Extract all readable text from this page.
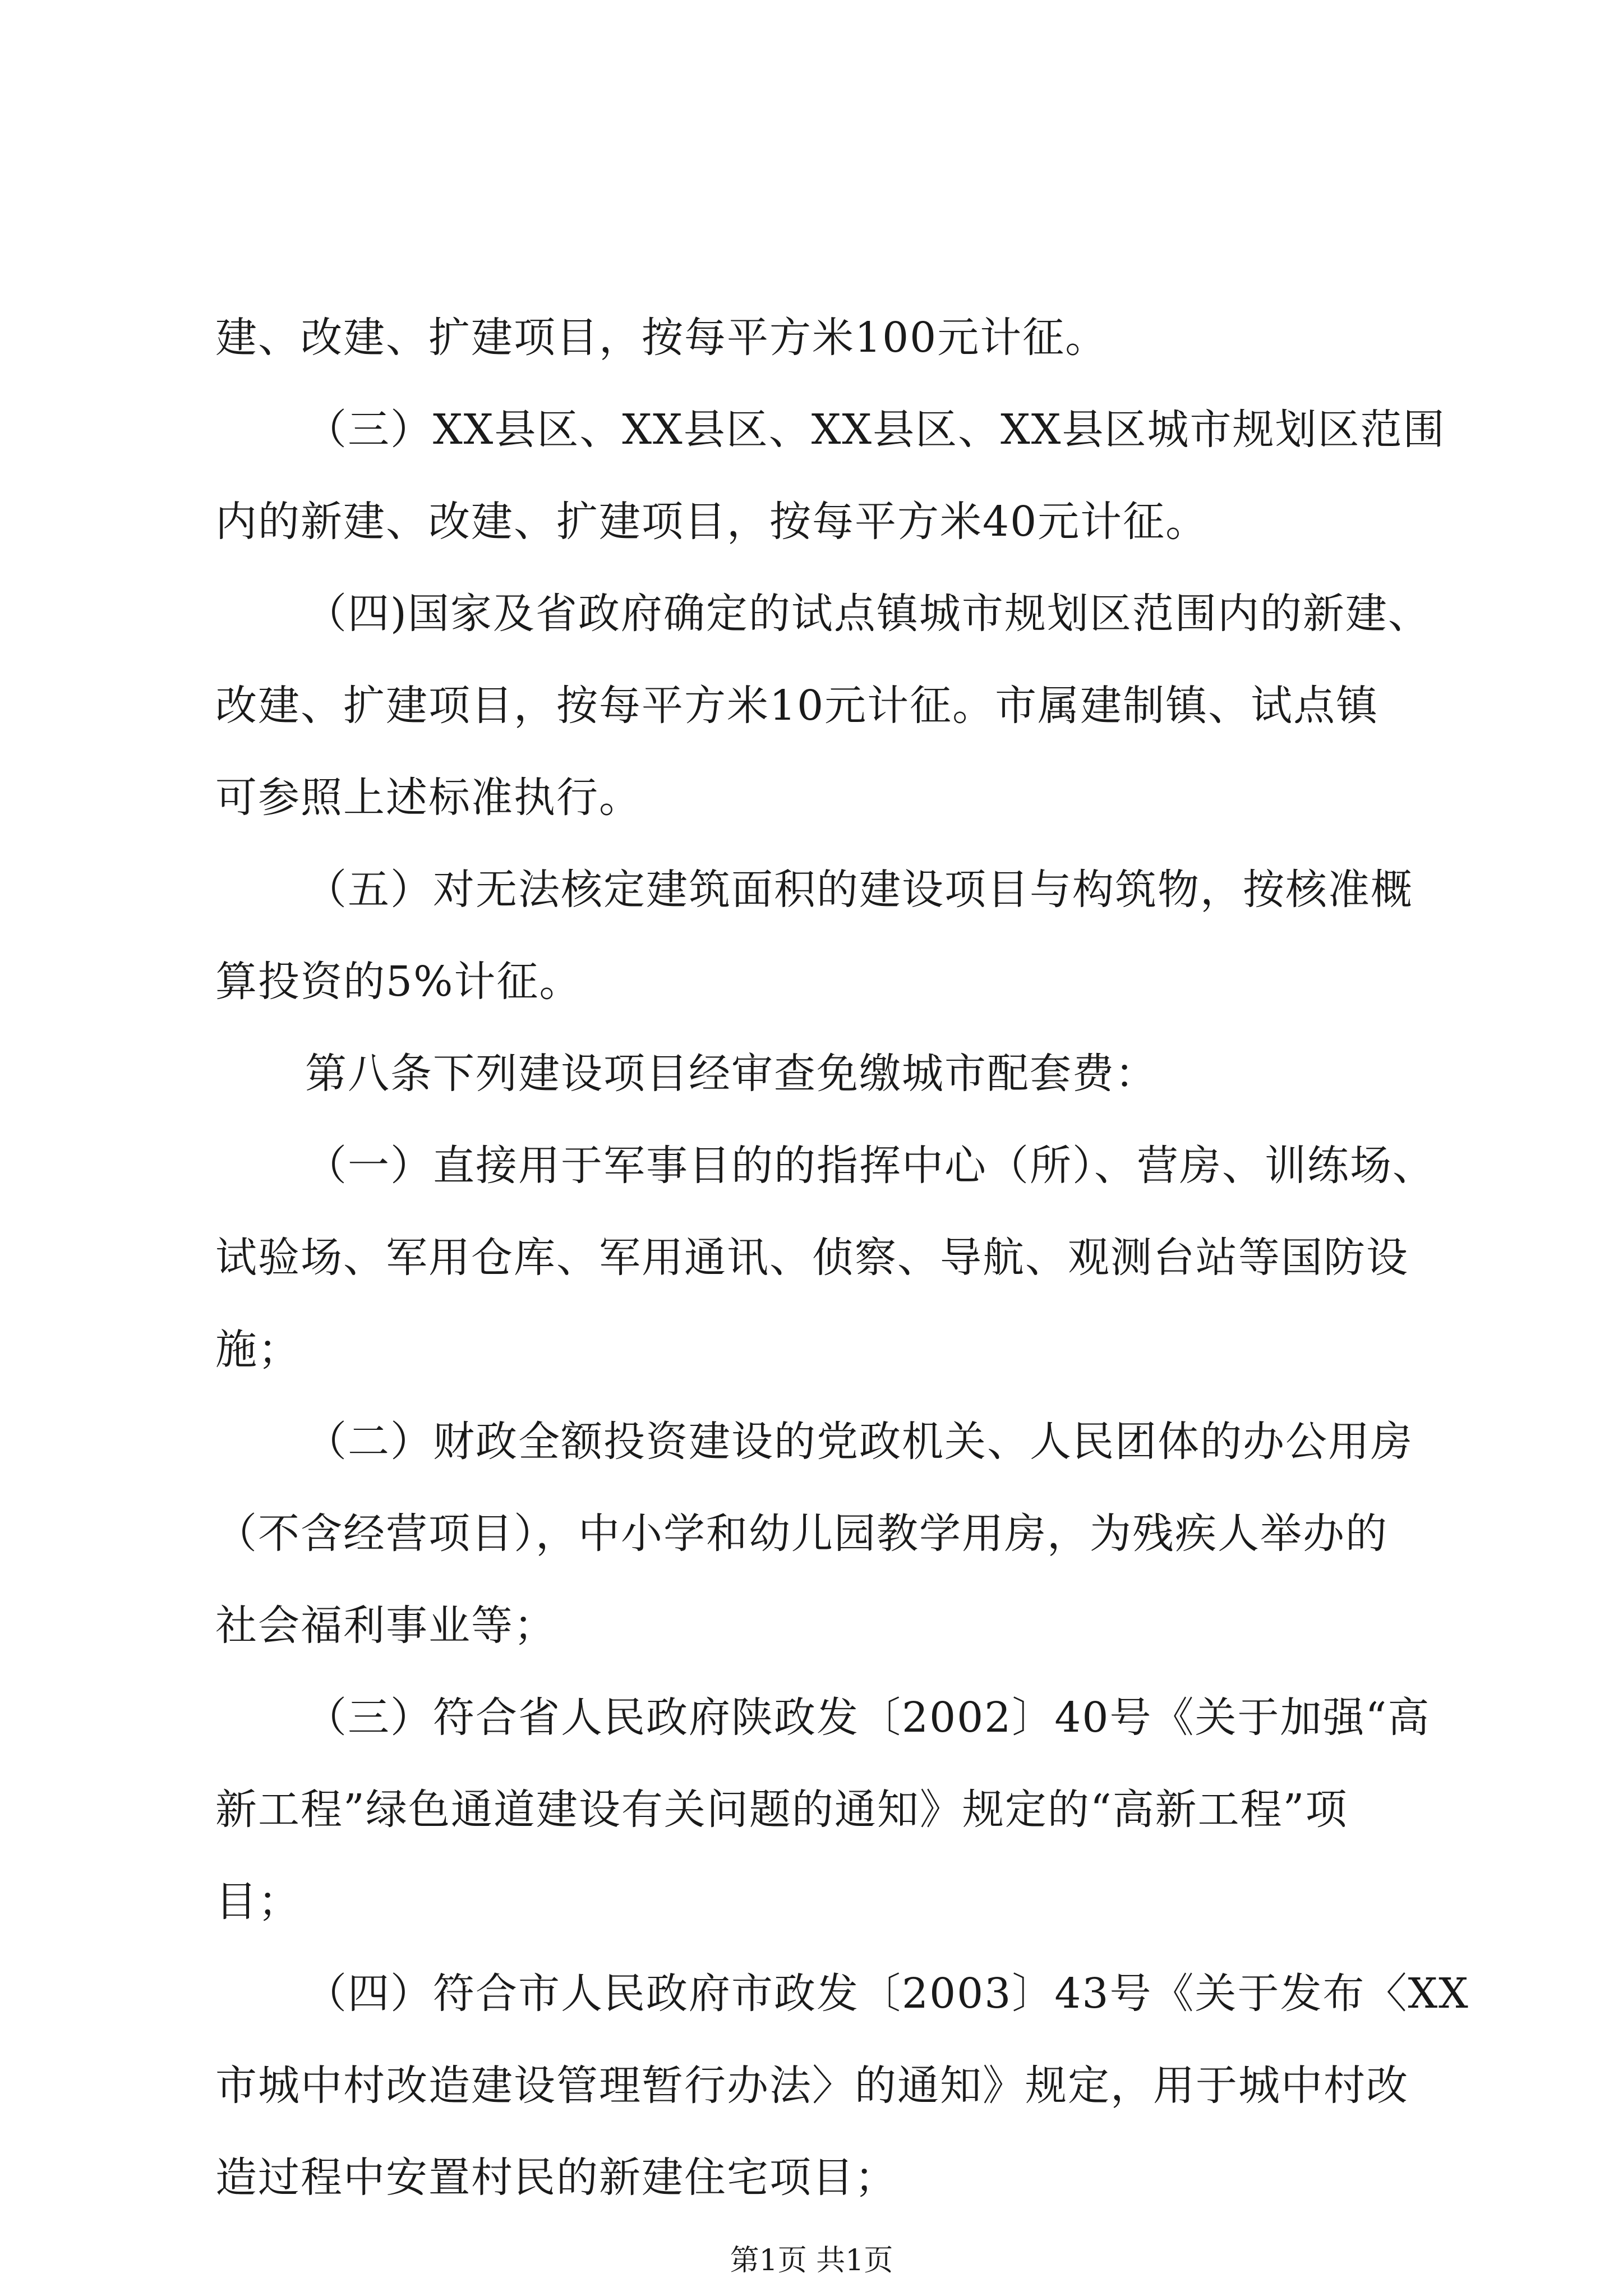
建、改建、扩建项目，按每平方米100元计征。
（三）XX县区、XX县区、XX县区、XX县区城市规划区范围
内的新建、改建、扩建项目，按每平方米40元计征。
（四)国家及省政府确定的试点镇城市规划区范围内的新建、
改建、扩建项目，按每平方米10元计征。市属建制镇、试点镇
可参照上述标准执行。
（五）对无法核定建筑面积的建设项目与构筑物，按核准概
算投资的5%计征。
第八条下列建设项目经审查免缴城市配套费：
（一）直接用于军事目的的指挥中心（所）、营房、训练场、
试验场、军用仓库、军用通讯、侦察、导航、观测台站等国防设
施；
（二）财政全额投资建设的党政机关、人民团体的办公用房
（不含经营项目），中小学和幼儿园教学用房，为残疾人举办的
社会福利事业等；
（三）符合省人民政府陕政发〔2002〕40号《关于加强“高
新工程”绿色通道建设有关问题的通知》规定的“高新工程”项
目；
（四）符合市人民政府市政发〔2003〕43号《关于发布〈XX
市城中村改造建设管理暂行办法〉的通知》规定，用于城中村改
造过程中安置村民的新建住宅项目；
第1页 共1页
